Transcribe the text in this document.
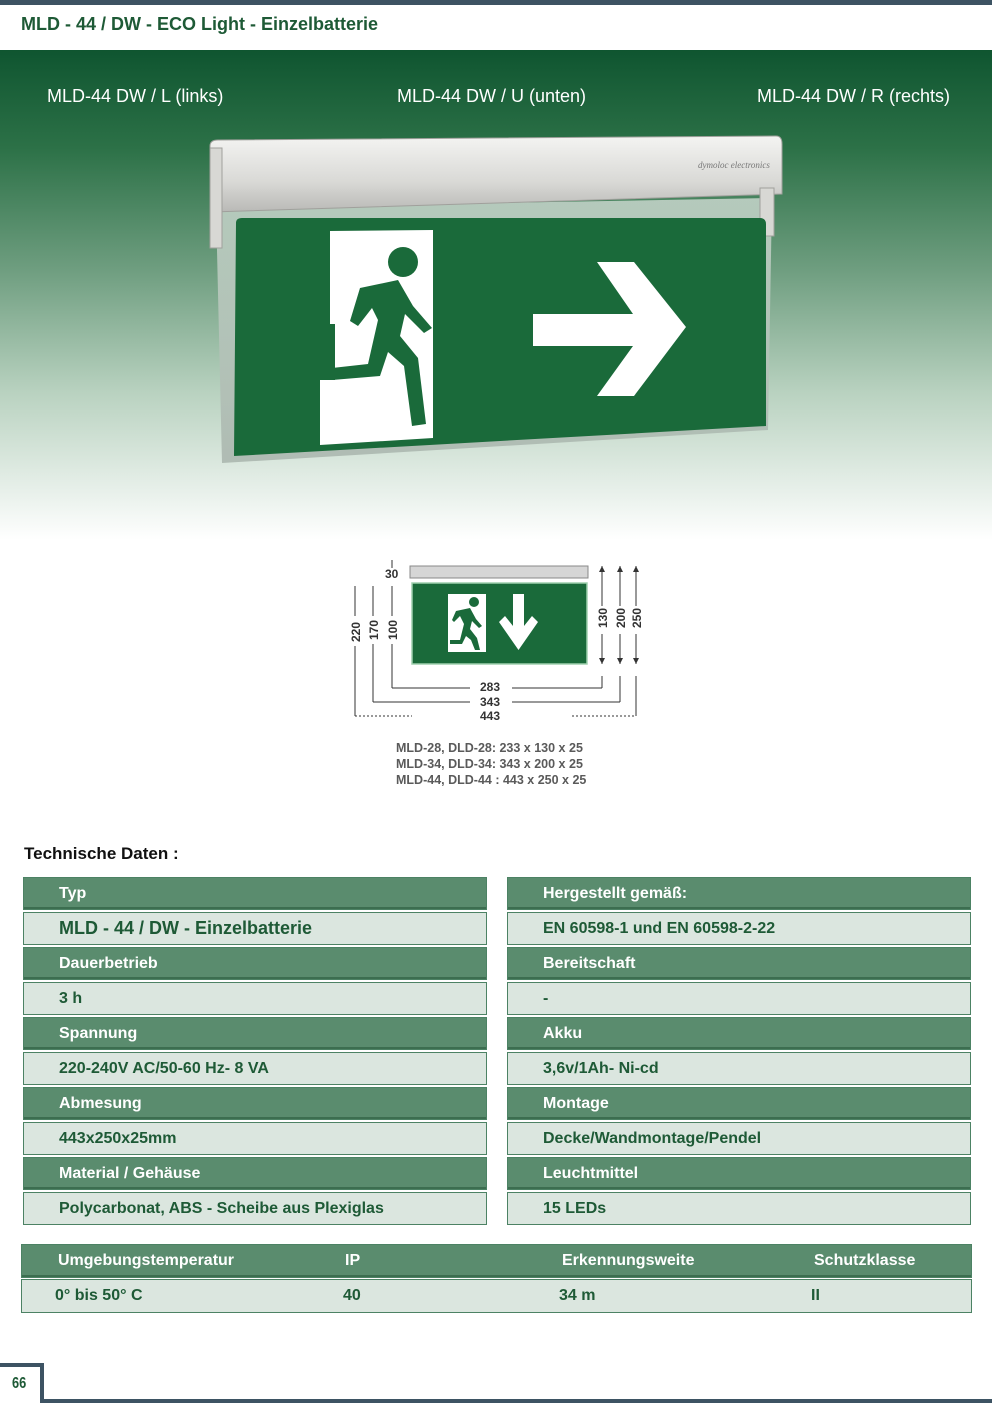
MLD - 44 / DW - ECO Light - Einzelbatterie
MLD-44 DW / L (links)	MLD-44 DW / U (unten)	MLD-44 DW / R (rechts)
dymoloc electronics
30
220 170 100
130 200 250
283
343
443
MLD-28, DLD-28: 233 x 130 x 25
MLD-34, DLD-34: 343 x 200 x 25
MLD-44, DLD-44 : 443 x 250 x 25
Technische Daten :
Typ
MLD - 44 / DW - Einzelbatterie
Dauerbetrieb
3 h
Spannung
220-240V AC/50-60 Hz- 8 VA
Abmesung
443x250x25mm
Material / Gehäuse
Polycarbonat, ABS - Scheibe aus Plexiglas
Hergestellt gemäß:
EN 60598-1 und EN 60598-2-22
Bereitschaft
-
Akku
3,6v/1Ah- Ni-cd
Montage
Decke/Wandmontage/Pendel
Leuchtmittel
15 LEDs
Umgebungstemperatur	IP	Erkennungsweite	Schutzklasse
0° bis 50° C	40	34 m	II
66
